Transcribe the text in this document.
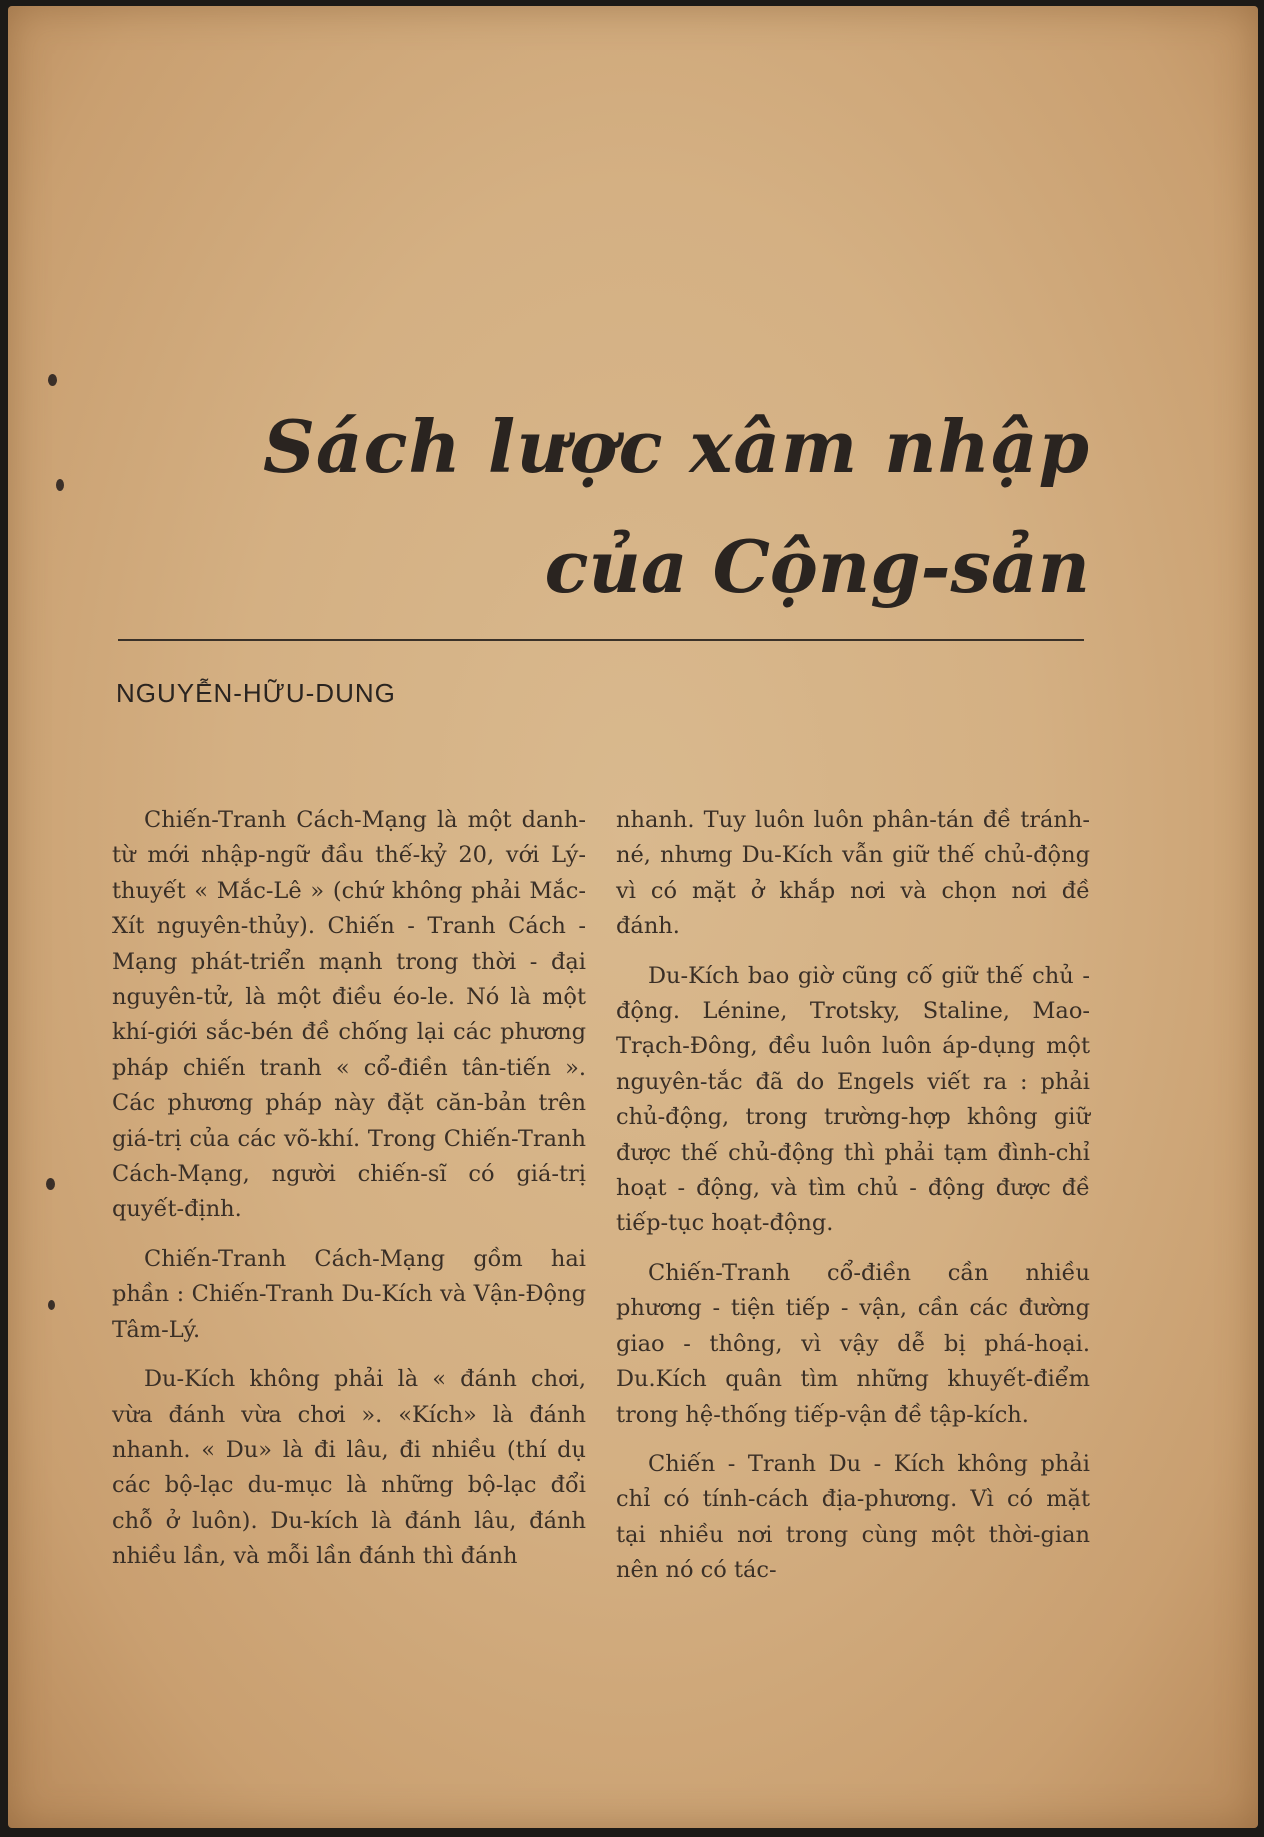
Sách lược xâm nhập
của Cộng-sản
NGUYỄN-HỮU-DUNG

Chiến-Tranh Cách-Mạng là một danh-từ mới nhập-ngữ đầu thế-kỷ 20, với Lý-thuyết « Mắc-Lê » (chứ không phải Mắc-Xít nguyên-thủy). Chiến - Tranh Cách - Mạng phát-triển mạnh trong thời - đại nguyên-tử, là một điều éo-le. Nó là một khí-giới sắc-bén đề chống lại các phương pháp chiến tranh « cổ-điền tân-tiến ». Các phương pháp này đặt căn-bản trên giá-trị của các võ-khí. Trong Chiến-Tranh Cách-Mạng, người chiến-sĩ có giá-trị quyết-định.

Chiến-Tranh Cách-Mạng gồm hai phần : Chiến-Tranh Du-Kích và Vận-Động Tâm-Lý.

Du-Kích không phải là « đánh chơi, vừa đánh vừa chơi ». «Kích» là đánh nhanh. « Du» là đi lâu, đi nhiều (thí dụ các bộ-lạc du-mục là những bộ-lạc đổi chỗ ở luôn). Du-kích là đánh lâu, đánh nhiều lần, và mỗi lần đánh thì đánh

nhanh. Tuy luôn luôn phân-tán đề tránh-né, nhưng Du-Kích vẫn giữ thế chủ-động vì có mặt ở khắp nơi và chọn nơi đề đánh.

Du-Kích bao giờ cũng cố giữ thế chủ - động. Lénine, Trotsky, Staline, Mao-Trạch-Đông, đều luôn luôn áp-dụng một nguyên-tắc đã do Engels viết ra : phải chủ-động, trong trường-hợp không giữ được thế chủ-động thì phải tạm đình-chỉ hoạt - động, và tìm chủ - động được đề tiếp-tục hoạt-động.

Chiến-Tranh cổ-điền cần nhiều phương - tiện tiếp - vận, cần các đường giao - thông, vì vậy dễ bị phá-hoại. Du.Kích quân tìm những khuyết-điểm trong hệ-thống tiếp-vận đề tập-kích.

Chiến - Tranh Du - Kích không phải chỉ có tính-cách địa-phương. Vì có mặt tại nhiều nơi trong cùng một thời-gian nên nó có tác-
